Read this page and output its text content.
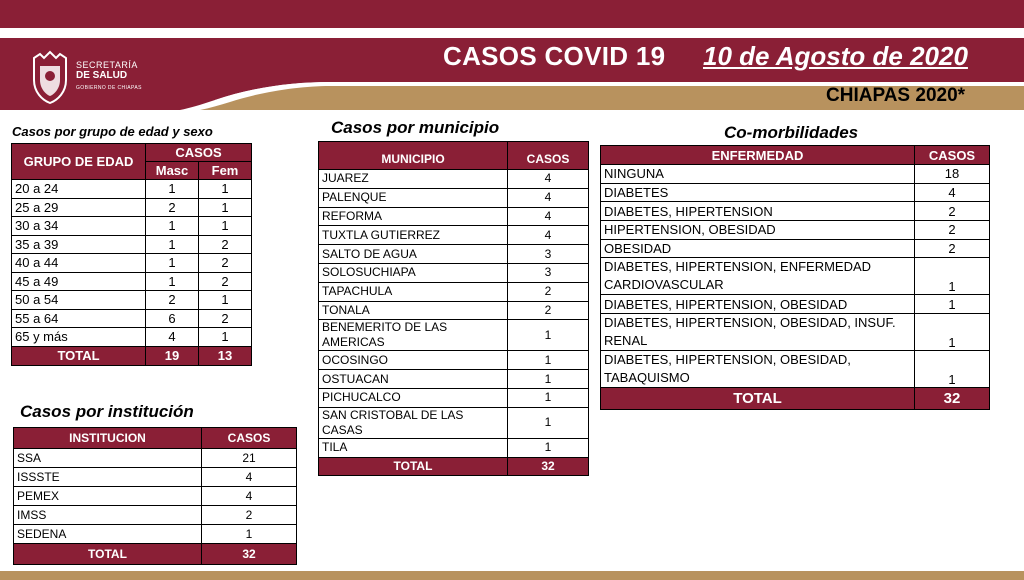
SECRETARÍA
DE SALUD
GOBIERNO DE CHIAPAS
CASOS COVID 19 10 de Agosto de 2020
CHIAPAS 2020*
Casos por grupo de edad y sexo
GRUPO DE EDAD	CASOS	
	Masc	Fem
20 a 24	1	1
25 a 29	2	1
30 a 34	1	1
35 a 39	1	2
40 a 44	1	2
45 a 49	1	2
50 a 54	2	1
55 a 64	6	2
65 y más	4	1
TOTAL	19	13
Casos por institución
INSTITUCION	CASOS
SSA	21
ISSSTE	4
PEMEX	4
IMSS	2
SEDENA	1
TOTAL	32
Casos por municipio
MUNICIPIO	CASOS
JUAREZ	4
PALENQUE	4
REFORMA	4
TUXTLA GUTIERREZ	4
SALTO DE AGUA	3
SOLOSUCHIAPA	3
TAPACHULA	2
TONALA	2
BENEMERITO DE LAS AMERICAS	1
OCOSINGO	1
OSTUACAN	1
PICHUCALCO	1
SAN CRISTOBAL DE LAS CASAS	1
TILA	1
TOTAL	32
Co-morbilidades
ENFERMEDAD	CASOS
NINGUNA	18
DIABETES	4
DIABETES, HIPERTENSION	2
HIPERTENSION, OBESIDAD	2
OBESIDAD	2
DIABETES, HIPERTENSION, ENFERMEDAD CARDIOVASCULAR	1
DIABETES, HIPERTENSION, OBESIDAD	1
DIABETES, HIPERTENSION, OBESIDAD, INSUF. RENAL	1
DIABETES, HIPERTENSION, OBESIDAD, TABAQUISMO	1
TOTAL	32
